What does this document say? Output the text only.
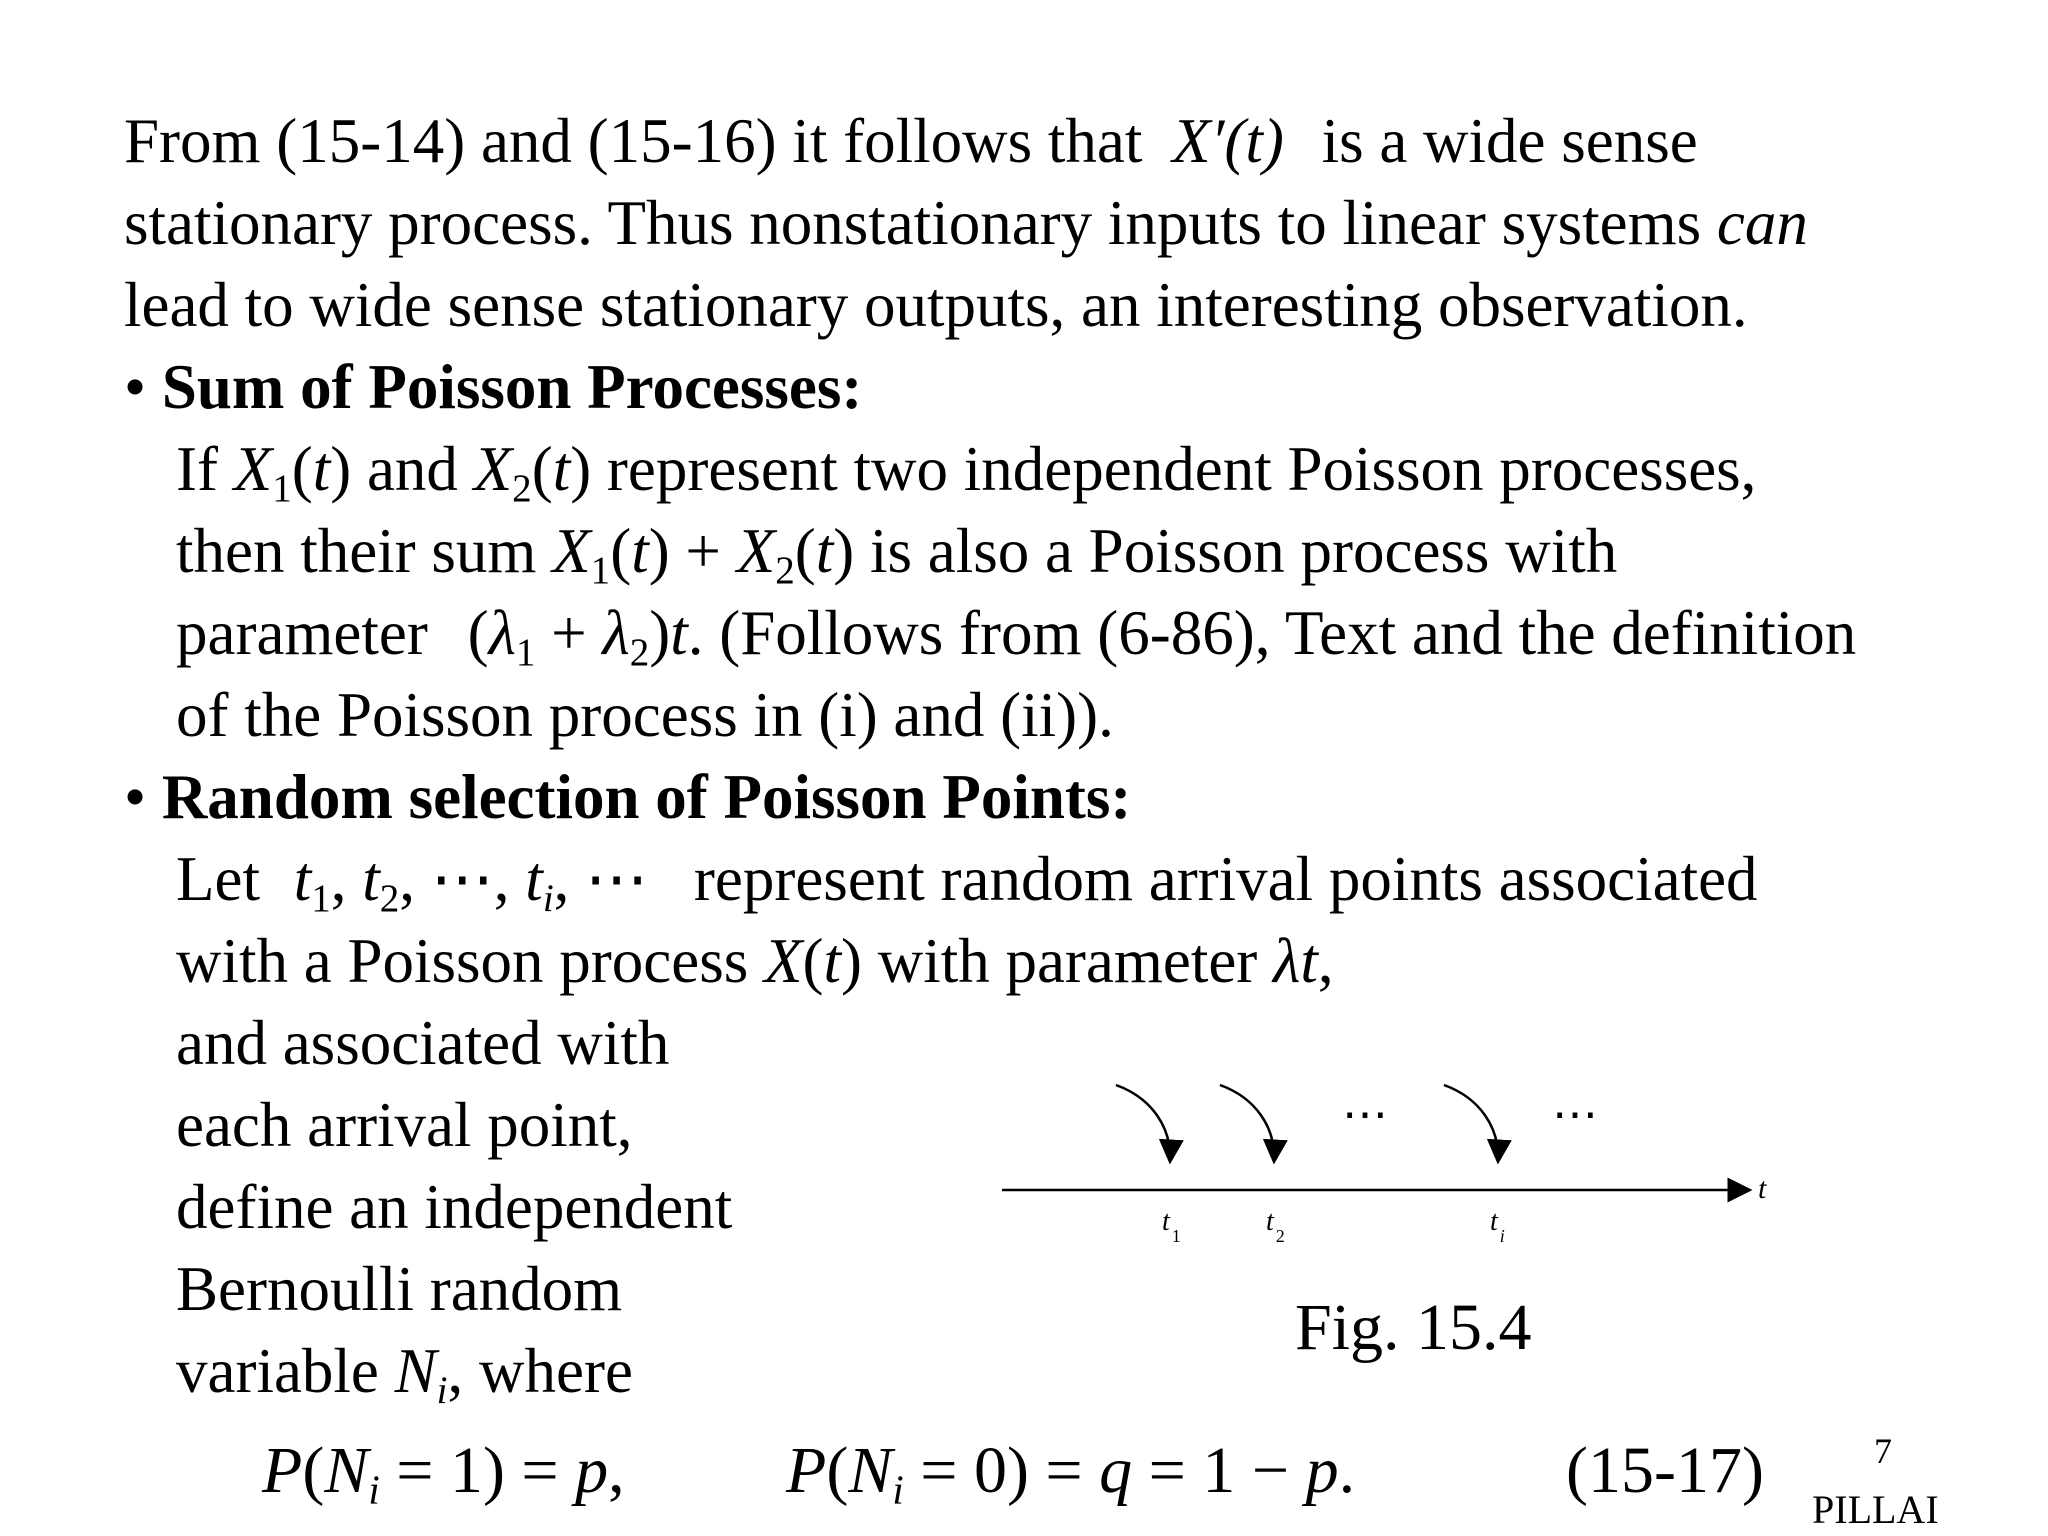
From (15-14) and (15-16) it follows that X′(t) is a wide sense
stationary process. Thus nonstationary inputs to linear systems can
lead to wide sense stationary outputs, an interesting observation.
• Sum of Poisson Processes:
If $X_1(t)$ and $X_2(t)$ represent two independent Poisson processes,
then their sum $X_1(t) + X_2(t)$ is also a Poisson process with
parameter $(\lambda_1 + \lambda_2)t$. (Follows from (6-86), Text and the definition
of the Poisson process in (i) and (ii)).
• Random selection of Poisson Points:
Let $t_1$, $t_2$, ⋯, $t_i$, ⋯ represent random arrival points associated
with a Poisson process X(t) with parameter λt,
and associated with
each arrival point,
define an independent
Bernoulli random
variable $N_i$, where
$P(N_i = 1) = p$, $P(N_i = 0) = q = 1 - p$.	(15-17)
t
⋯	⋯
t $_1$	t $_2$	t $_i$
Fig. 15.4
7
PILLAI
